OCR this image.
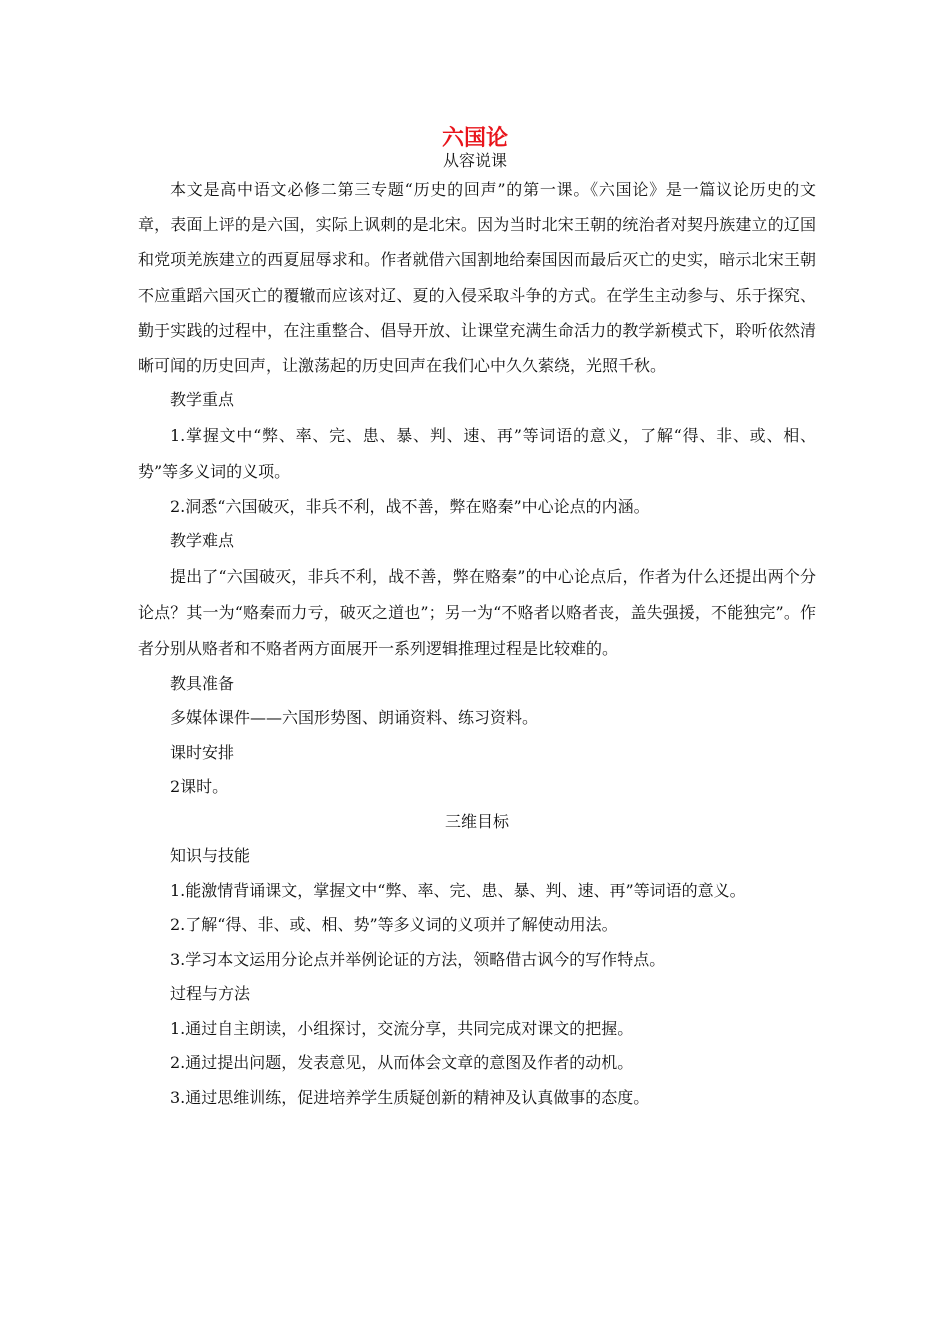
六国论
从容说课

本文是高中语文必修二第三专题“历史的回声”的第一课。《六国论》是一篇议论历史的文章，表面上评的是六国，实际上讽刺的是北宋。因为当时北宋王朝的统治者对契丹族建立的辽国和党项羌族建立的西夏屈辱求和。作者就借六国割地给秦国因而最后灭亡的史实，暗示北宋王朝不应重蹈六国灭亡的覆辙而应该对辽、夏的入侵采取斗争的方式。在学生主动参与、乐于探究、勤于实践的过程中，在注重整合、倡导开放、让课堂充满生命活力的教学新模式下，聆听依然清晰可闻的历史回声，让激荡起的历史回声在我们心中久久萦绕，光照千秋。

教学重点

1.掌握文中“弊、率、完、患、暴、判、速、再”等词语的意义，了解“得、非、或、相、势”等多义词的义项。

2.洞悉“六国破灭，非兵不利，战不善，弊在赂秦”中心论点的内涵。

教学难点

提出了“六国破灭，非兵不利，战不善，弊在赂秦”的中心论点后，作者为什么还提出两个分论点？其一为“赂秦而力亏，破灭之道也”；另一为“不赂者以赂者丧，盖失强援，不能独完”。作者分别从赂者和不赂者两方面展开一系列逻辑推理过程是比较难的。

教具准备

多媒体课件——六国形势图、朗诵资料、练习资料。

课时安排

2课时。

三维目标

知识与技能

1.能激情背诵课文，掌握文中“弊、率、完、患、暴、判、速、再”等词语的意义。

2.了解“得、非、或、相、势”等多义词的义项并了解使动用法。

3.学习本文运用分论点并举例论证的方法，领略借古讽今的写作特点。

过程与方法

1.通过自主朗读，小组探讨，交流分享，共同完成对课文的把握。

2.通过提出问题，发表意见，从而体会文章的意图及作者的动机。

3.通过思维训练，促进培养学生质疑创新的精神及认真做事的态度。
